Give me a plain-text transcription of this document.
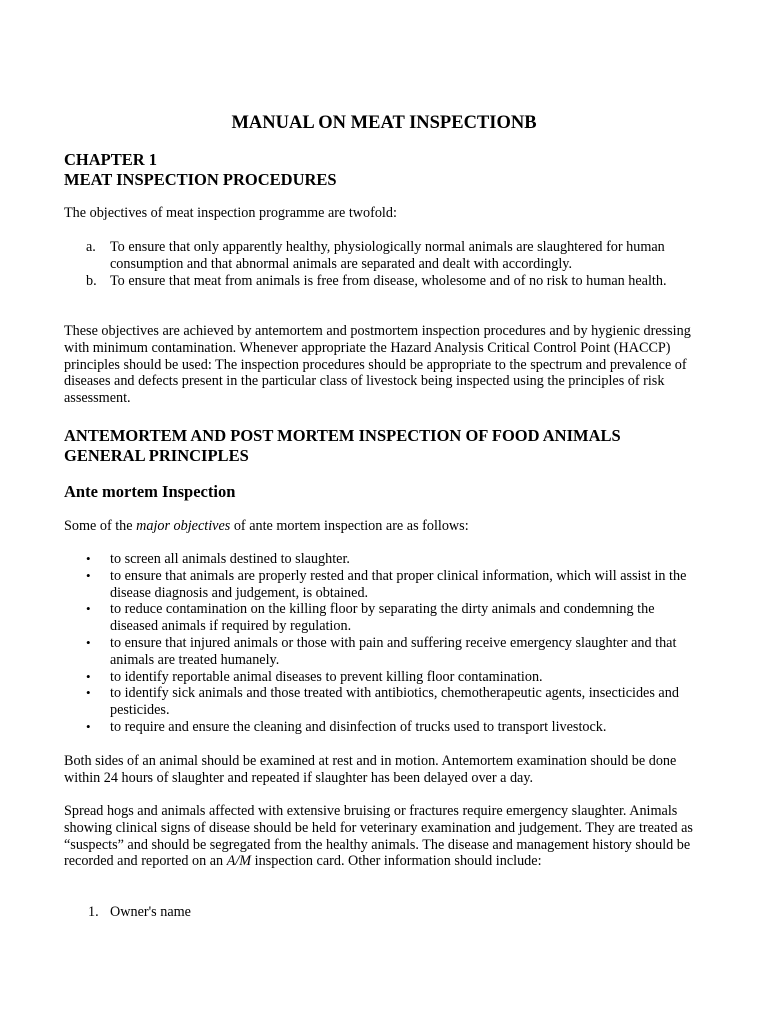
MANUAL ON MEAT INSPECTIONB
CHAPTER 1
MEAT INSPECTION PROCEDURES

The objectives of meat inspection programme are twofold:

a. To ensure that only apparently healthy, physiologically normal animals are slaughtered for human consumption and that abnormal animals are separated and dealt with accordingly.
b. To ensure that meat from animals is free from disease, wholesome and of no risk to human health.

These objectives are achieved by antemortem and postmortem inspection procedures and by hygienic dressing with minimum contamination. Whenever appropriate the Hazard Analysis Critical Control Point (HACCP) principles should be used: The inspection procedures should be appropriate to the spectrum and prevalence of diseases and defects present in the particular class of livestock being inspected using the principles of risk assessment.

ANTEMORTEM AND POST MORTEM INSPECTION OF FOOD ANIMALS
GENERAL PRINCIPLES
Ante mortem Inspection

Some of the major objectives of ante mortem inspection are as follows:

• to screen all animals destined to slaughter.
• to ensure that animals are properly rested and that proper clinical information, which will assist in the disease diagnosis and judgement, is obtained.
• to reduce contamination on the killing floor by separating the dirty animals and condemning the diseased animals if required by regulation.
• to ensure that injured animals or those with pain and suffering receive emergency slaughter and that animals are treated humanely.
• to identify reportable animal diseases to prevent killing floor contamination.
• to identify sick animals and those treated with antibiotics, chemotherapeutic agents, insecticides and pesticides.
• to require and ensure the cleaning and disinfection of trucks used to transport livestock.

Both sides of an animal should be examined at rest and in motion. Antemortem examination should be done within 24 hours of slaughter and repeated if slaughter has been delayed over a day.

Spread hogs and animals affected with extensive bruising or fractures require emergency slaughter. Animals showing clinical signs of disease should be held for veterinary examination and judgement. They are treated as “suspects” and should be segregated from the healthy animals. The disease and management history should be recorded and reported on an A/M inspection card. Other information should include:

1. Owner's name
